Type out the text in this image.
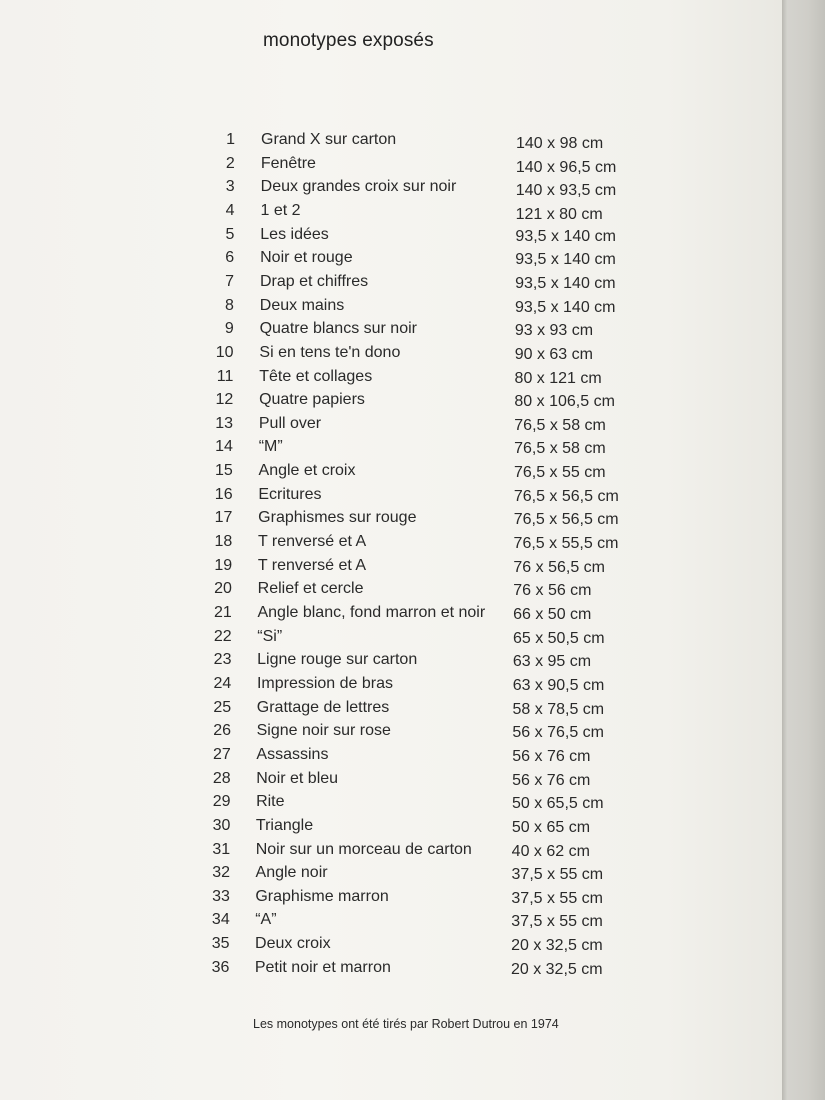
monotypes exposés
1 Grand X sur carton	140 x 98 cm
2 Fenêtre	140 x 96,5 cm
3 Deux grandes croix sur noir	140 x 93,5 cm
4 1 et 2	121 x 80 cm
5 Les idées	93,5 x 140 cm
6 Noir et rouge	93,5 x 140 cm
7 Drap et chiffres	93,5 x 140 cm
8 Deux mains	93,5 x 140 cm
9 Quatre blancs sur noir	93 x 93 cm
10 Si en tens te'n dono	90 x 63 cm
11 Tête et collages	80 x 121 cm
12 Quatre papiers	80 x 106,5 cm
13 Pull over	76,5 x 58 cm
14 “M”	76,5 x 58 cm
15 Angle et croix	76,5 x 55 cm
16 Ecritures	76,5 x 56,5 cm
17 Graphismes sur rouge	76,5 x 56,5 cm
18 T renversé et A	76,5 x 55,5 cm
19 T renversé et A	76 x 56,5 cm
20 Relief et cercle	76 x 56 cm
21 Angle blanc, fond marron et noir 66 x 50 cm
22 “Si”	65 x 50,5 cm
23 Ligne rouge sur carton	63 x 95 cm
24 Impression de bras	63 x 90,5 cm
25 Grattage de lettres	58 x 78,5 cm
26 Signe noir sur rose	56 x 76,5 cm
27 Assassins	56 x 76 cm
28 Noir et bleu	56 x 76 cm
29 Rite	50 x 65,5 cm
30 Triangle	50 x 65 cm
31 Noir sur un morceau de carton 40 x 62 cm
32 Angle noir	37,5 x 55 cm
33 Graphisme marron	37,5 x 55 cm
34 “A”	37,5 x 55 cm
35 Deux croix	20 x 32,5 cm
36 Petit noir et marron	20 x 32,5 cm
Les monotypes ont été tirés par Robert Dutrou en 1974
